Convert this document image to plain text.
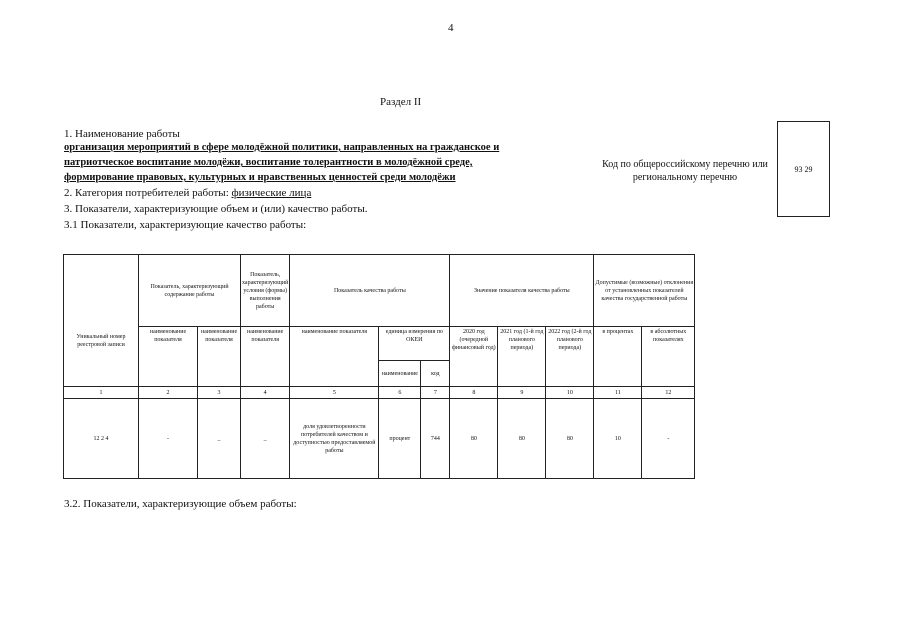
4
Раздел II
1. Наименование работы
организация мероприятий в сфере молодёжной политики, направленных на гражданское и
патриотческое воспитание молодёжи, воспитание толерантности в молодёжной среде,
формирование правовых, культурных и нравственных ценностей среди молодёжи
2. Категория потребителей работы: физические лица
3. Показатели, характеризующие объем и (или) качество работы.
3.1 Показатели, характеризующие качество работы:
Код по общероссийскому перечню или региональному перечню
93 29
Уникальный номер реестровой записи	Показатель, характеризующий содержание работы		Показатель, характеризующий условия (формы) выполнения работы	Показатель качества работы			Значение показателя качества работы			Допустимые (возможные) отклонения от установленных показателей качества государственной работы	
	наименование показателя	наименование показателя	наименование показателя	наименование показателя	единица измерения по ОКЕИ		2020 год (очередной финансовый год)	2021 год (1-й год планового периода)	2022 год (2-й год планового периода)	в процентах	в абсолютных показателях
					наименование	код					
1	2	3	4	5	6	7	8	9	10	11	12
12 2 4	-	_	_	доля удовлетворенности потребителей качеством и доступностью предоставляемой работы	процент	744	80	80	80	10	-
3.2. Показатели, характеризующие объем работы:
